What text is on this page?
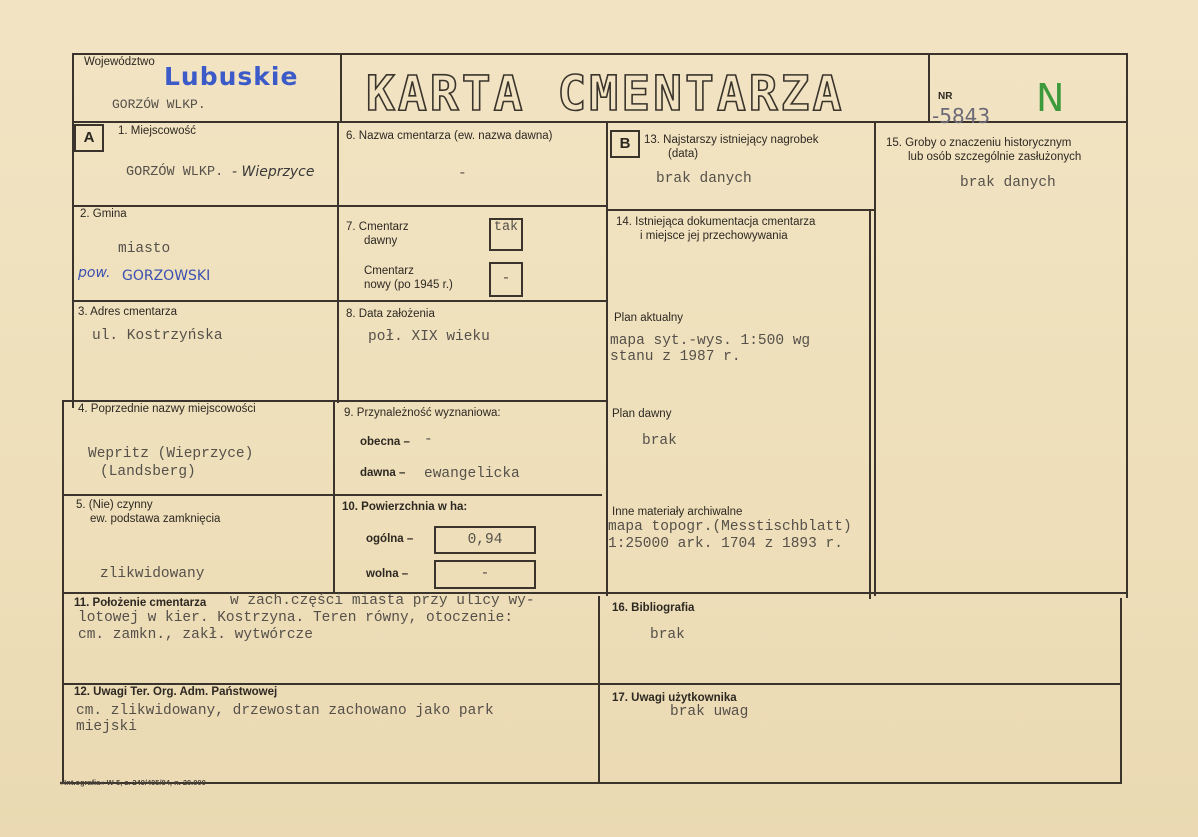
Województwo Lubuskie
GORZÓW WLKP.	KARTA CMENTARZA	NR
-5843 N
A	B
1. Miejscowość
GORZÓW WLKP. - Wieprzyce
2. Gmina
miasto
pow. GORZOWSKI
3. Adres cmentarza
ul. Kostrzyńska
4. Poprzednie nazwy miejscowości
Wepritz (Wieprzyce)
(Landsberg)
5. (Nie) czynny
ew. podstawa zamknięcia
zlikwidowany
6. Nazwa cmentarza (ew. nazwa dawna)
-
7. Cmentarz
dawny
tak
Cmentarz
nowy (po 1945 r.)	-
8. Data założenia
poł. XIX wieku
9. Przynależność wyznaniowa:
obecna – -
dawna – ewangelicka
10. Powierzchnia w ha:
ogólna –	0,94
wolna –	-
13. Najstarszy istniejący nagrobek
(data)
brak danych
14. Istniejąca dokumentacja cmentarza
i miejsce jej przechowywania
Plan aktualny
mapa syt.-wys. 1:500 wg
stanu z 1987 r.
Plan dawny
brak
Inne materiały archiwalne
mapa topogr.(Messtischblatt)
1:25000 ark. 1704 z 1893 r.
15. Groby o znaczeniu historycznym
lub osób szczególnie zasłużonych
brak danych
11. Położenie cmentarza w zach.części miasta przy ulicy wy-
lotowej w kier. Kostrzyna. Teren równy, otoczenie:
cm. zamkn., zakł. wytwórcze
16. Bibliografia
brak
12. Uwagi Ter. Org. Adm. Państwowej
cm. zlikwidowany, drzewostan zachowano jako park
miejski
17. Uwagi użytkownika
brak uwag
»Int.ografia« W-5, z. 249/405/84, n. 20.000
